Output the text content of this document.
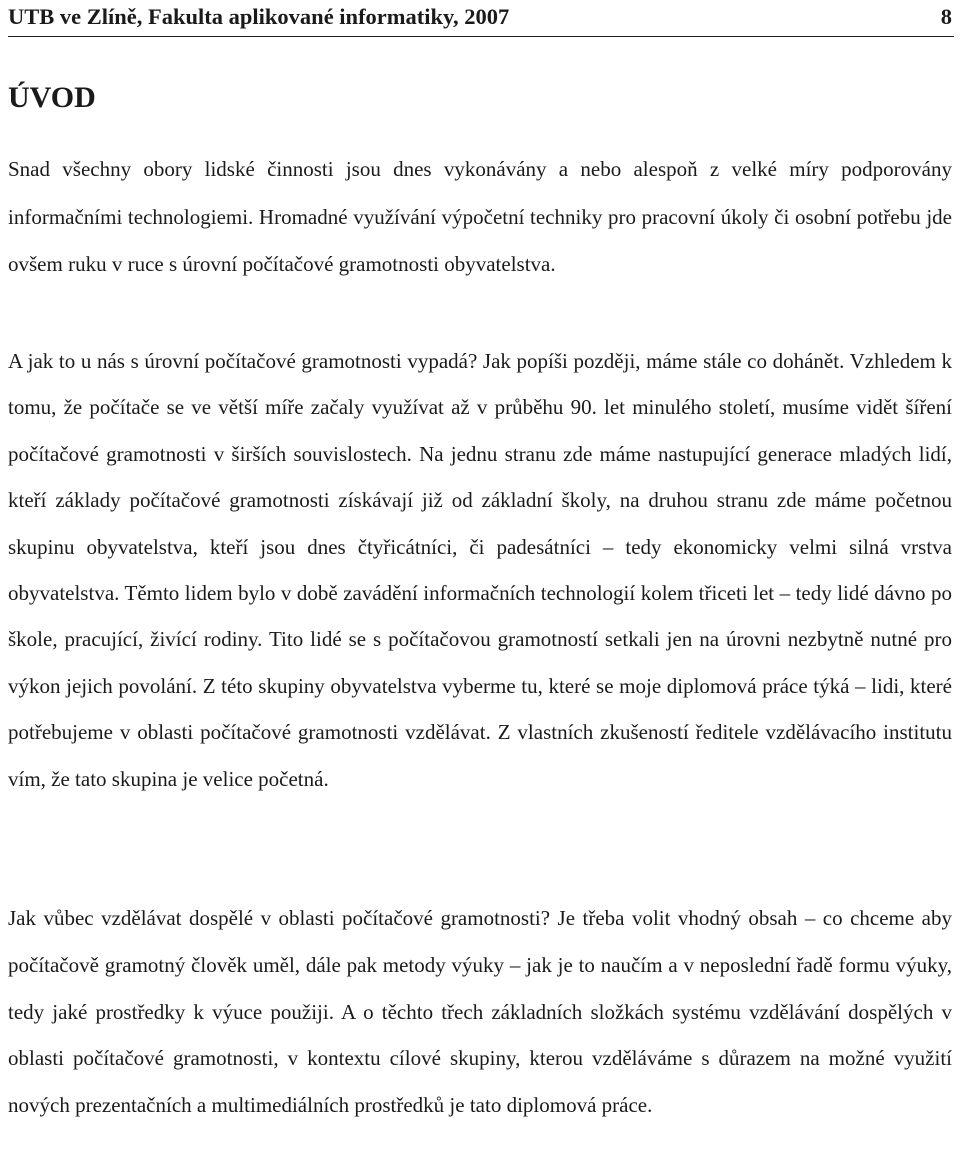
UTB ve Zlíně, Fakulta aplikované informatiky, 2007	8
ÚVOD

Snad všechny obory lidské činnosti jsou dnes vykonávány a nebo alespoň z velké míry podporovány informačními technologiemi. Hromadné využívání výpočetní techniky pro pracovní úkoly či osobní potřebu jde ovšem ruku v ruce s úrovní počítačové gramotnosti obyvatelstva.

A jak to u nás s úrovní počítačové gramotnosti vypadá? Jak popíši později, máme stále co dohánět. Vzhledem k tomu, že počítače se ve větší míře začaly využívat až v průběhu 90. let minulého století, musíme vidět šíření počítačové gramotnosti v širších souvislostech. Na jednu stranu zde máme nastupující generace mladých lidí, kteří základy počítačové gramotnosti získávají již od základní školy, na druhou stranu zde máme početnou skupinu obyvatelstva, kteří jsou dnes čtyřicátníci, či padesátníci – tedy ekonomicky velmi silná vrstva obyvatelstva. Těmto lidem bylo v době zavádění informačních technologií kolem třiceti let – tedy lidé dávno po škole, pracující, živící rodiny. Tito lidé se s počítačovou gramotností setkali jen na úrovni nezbytně nutné pro výkon jejich povolání. Z této skupiny obyvatelstva vyberme tu, které se moje diplomová práce týká – lidi, které potřebujeme v oblasti počítačové gramotnosti vzdělávat. Z vlastních zkušeností ředitele vzdělávacího institutu vím, že tato skupina je velice početná.

Jak vůbec vzdělávat dospělé v oblasti počítačové gramotnosti? Je třeba volit vhodný obsah – co chceme aby počítačově gramotný člověk uměl, dále pak metody výuky – jak je to naučím a v neposlední řadě formu výuky, tedy jaké prostředky k výuce použiji. A o těchto třech základních složkách systému vzdělávání dospělých v oblasti počítačové gramotnosti, v kontextu cílové skupiny, kterou vzděláváme s důrazem na možné využití nových prezentačních a multimediálních prostředků je tato diplomová práce.
